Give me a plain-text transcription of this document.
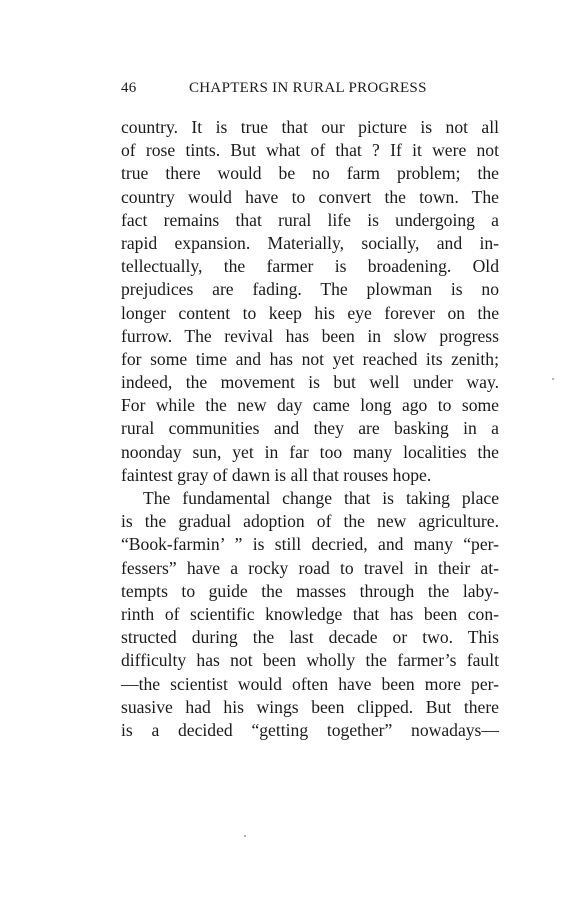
46	CHAPTERS IN RURAL PROGRESS
country. It is true that our picture is not all
of rose tints. But what of that ? If it were not
true there would be no farm problem; the
country would have to convert the town. The
fact remains that rural life is undergoing a
rapid expansion. Materially, socially, and in-
tellectually, the farmer is broadening. Old
prejudices are fading. The plowman is no
longer content to keep his eye forever on the
furrow. The revival has been in slow progress
for some time and has not yet reached its zenith;
indeed, the movement is but well under way.
For while the new day came long ago to some
rural communities and they are basking in a
noonday sun, yet in far too many localities the
faintest gray of dawn is all that rouses hope.
The fundamental change that is taking place
is the gradual adoption of the new agriculture.
“Book-farmin’ ” is still decried, and many “per-
fessers” have a rocky road to travel in their at-
tempts to guide the masses through the laby-
rinth of scientific knowledge that has been con-
structed during the last decade or two. This
difficulty has not been wholly the farmer’s fault
—the scientist would often have been more per-
suasive had his wings been clipped. But there
is a decided “getting together” nowadays—
